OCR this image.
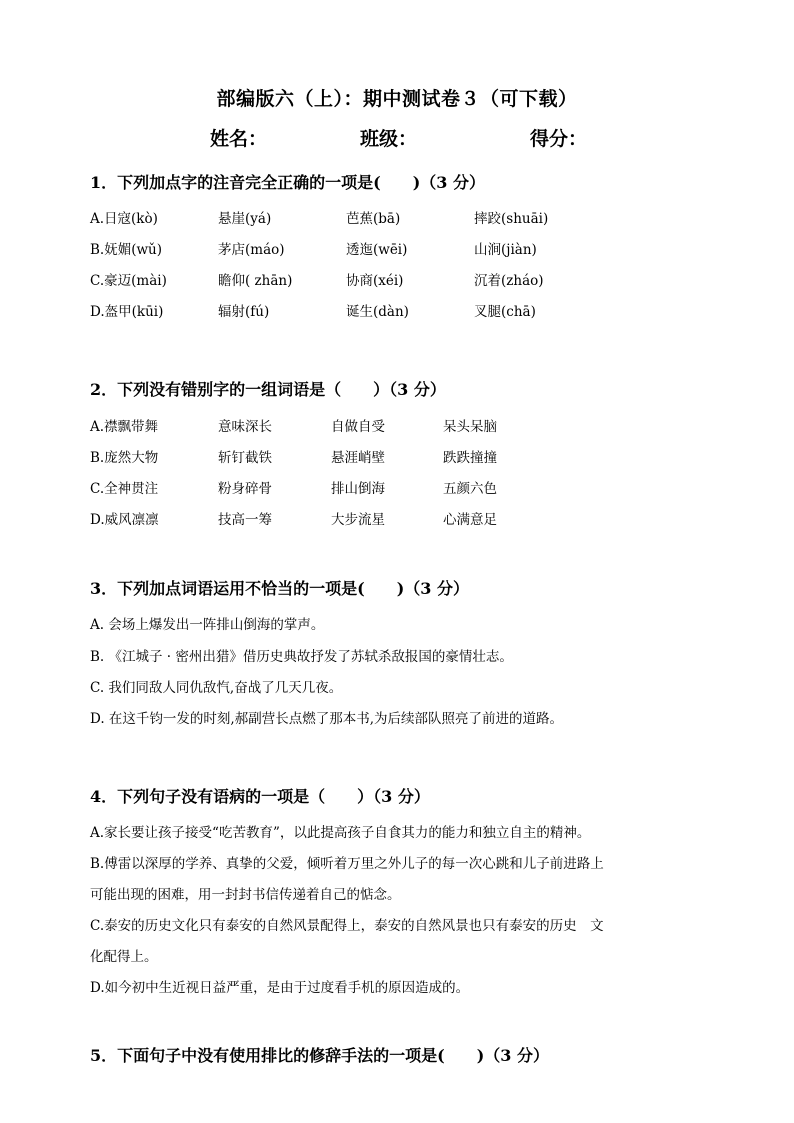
部编版六（上）：期中测试卷３（可下载）
姓名：	班级：	得分：
1．下列加点字的注音完全正确的一项是(　　)（3 分）
A.日寇(kò)	悬崖(yá)	芭蕉(bā)	摔跤(shuāi)
B.妩媚(wǔ)	茅店(máo)	透迤(wēi)	山涧(jiàn)
C.豪迈(mài)	瞻仰( zhān)	协商(xéi)	沉着(zháo)
D.盔甲(kūi)	辐射(fú)	诞生(dàn)	叉腿(chā)
2．下列没有错别字的一组词语是（　　）（3 分）
A.襟飘带舞	意味深长	自做自受	呆头呆脑
B.庞然大物	斩钉截铁	悬涯峭壁	跌跌撞撞
C.全神贯注	粉身碎骨	排山倒海	五颜六色
D.威风凛凛	技高一筹	大步流星	心满意足
3．下列加点词语运用不恰当的一项是(　　)（3 分）
A. 会场上爆发出一阵排山倒海的掌声。
B. 《江城子 · 密州出猎》借历史典故抒发了苏轼杀敌报国的豪情壮志。
C. 我们同敌人同仇敌忾,奋战了几天几夜。
D. 在这千钧一发的时刻,郝副营长点燃了那本书,为后续部队照亮了前进的道路。
4．下列句子没有语病的一项是（　　）（3 分）
A.家长要让孩子接受“吃苦教育”，以此提高孩子自食其力的能力和独立自主的精神。
B.傅雷以深厚的学养、真挚的父爱，倾听着万里之外儿子的每一次心跳和儿子前进路上
可能出现的困难，用一封封书信传递着自己的惦念。
C.泰安的历史文化只有泰安的自然风景配得上，泰安的自然风景也只有泰安的历史　文
化配得上。
D.如今初中生近视日益严重，是由于过度看手机的原因造成的。
5．下面句子中没有使用排比的修辞手法的一项是(　　)（3 分）
